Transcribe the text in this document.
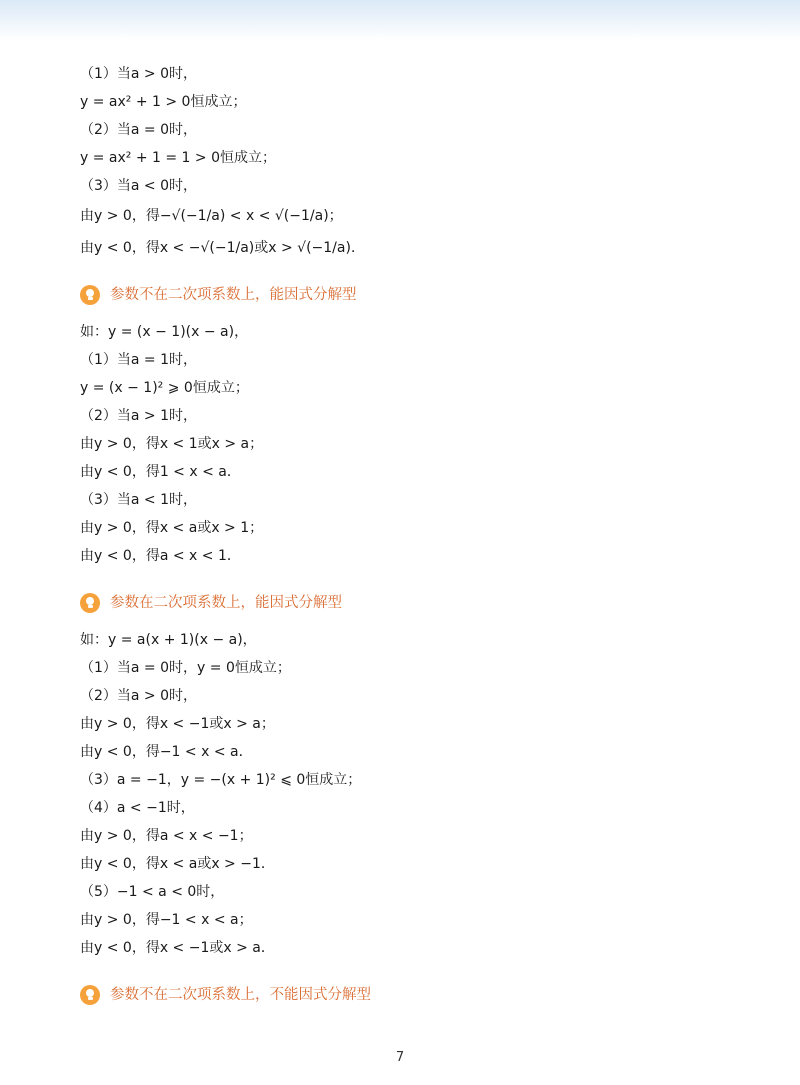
（1）当a > 0时，
y = ax² + 1 > 0恒成立；
（2）当a = 0时，
y = ax² + 1 = 1 > 0恒成立；
（3）当a < 0时，
由y > 0，得−√(−1/a) < x < √(−1/a)；
由y < 0，得x < −√(−1/a)或x > √(−1/a)．
参数不在二次项系数上，能因式分解型
如：y = (x − 1)(x − a)，
（1）当a = 1时，
y = (x − 1)² ⩾ 0恒成立；
（2）当a > 1时，
由y > 0，得x < 1或x > a；
由y < 0，得1 < x < a．
（3）当a < 1时，
由y > 0，得x < a或x > 1；
由y < 0，得a < x < 1．
参数在二次项系数上，能因式分解型
如：y = a(x + 1)(x − a)，
（1）当a = 0时，y = 0恒成立；
（2）当a > 0时，
由y > 0，得x < −1或x > a；
由y < 0，得−1 < x < a．
（3）a = −1，y = −(x + 1)² ⩽ 0恒成立；
（4）a < −1时，
由y > 0，得a < x < −1；
由y < 0，得x < a或x > −1．
（5）−1 < a < 0时，
由y > 0，得−1 < x < a；
由y < 0，得x < −1或x > a．
参数不在二次项系数上，不能因式分解型
7
